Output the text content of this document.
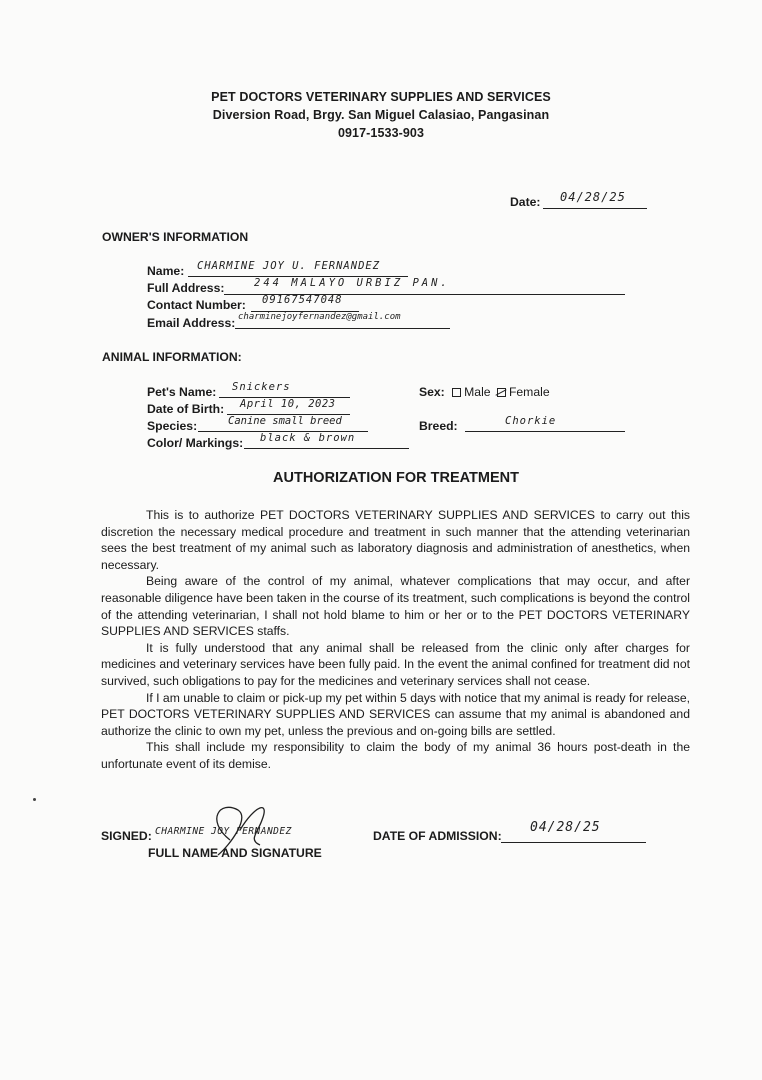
PET DOCTORS VETERINARY SUPPLIES AND SERVICES
Diversion Road, Brgy. San Miguel Calasiao, Pangasinan
0917-1533-903
Date: 04/28/25
OWNER'S INFORMATION
Name: CHARMINE JOY U. FERNANDEZ
Full Address:	244 MALAYO URBIZ PAN.
Contact Number: 09167547048
Email Address: charminejoyfernandez@gmail.com
ANIMAL INFORMATION:
Pet's Name: Snickers
Date of Birth: April 10, 2023
Species:	Canine small breed
Color/ Markings: black & brown
Sex: Male Female
Breed:	Chorkie
AUTHORIZATION FOR TREATMENT

This is to authorize PET DOCTORS VETERINARY SUPPLIES AND SERVICES to carry out this discretion the necessary medical procedure and treatment in such manner that the attending veterinarian sees the best treatment of my animal such as laboratory diagnosis and administration of anesthetics, when necessary.

Being aware of the control of my animal, whatever complications that may occur, and after reasonable diligence have been taken in the course of its treatment, such complications is beyond the control of the attending veterinarian, I shall not hold blame to him or her or to the PET DOCTORS VETERINARY SUPPLIES AND SERVICES staffs.

It is fully understood that any animal shall be released from the clinic only after charges for medicines and veterinary services have been fully paid. In the event the animal confined for treatment did not survived, such obligations to pay for the medicines and veterinary services shall not cease.

If I am unable to claim or pick-up my pet within 5 days with notice that my animal is ready for release, PET DOCTORS VETERINARY SUPPLIES AND SERVICES can assume that my animal is abandoned and authorize the clinic to own my pet, unless the previous and on-going bills are settled.

This shall include my responsibility to claim the body of my animal 36 hours post-death in the unfortunate event of its demise.

SIGNED: CHARMINE JOY FERNANDEZ
FULL NAME AND SIGNATURE
DATE OF ADMISSION:
04/28/25
